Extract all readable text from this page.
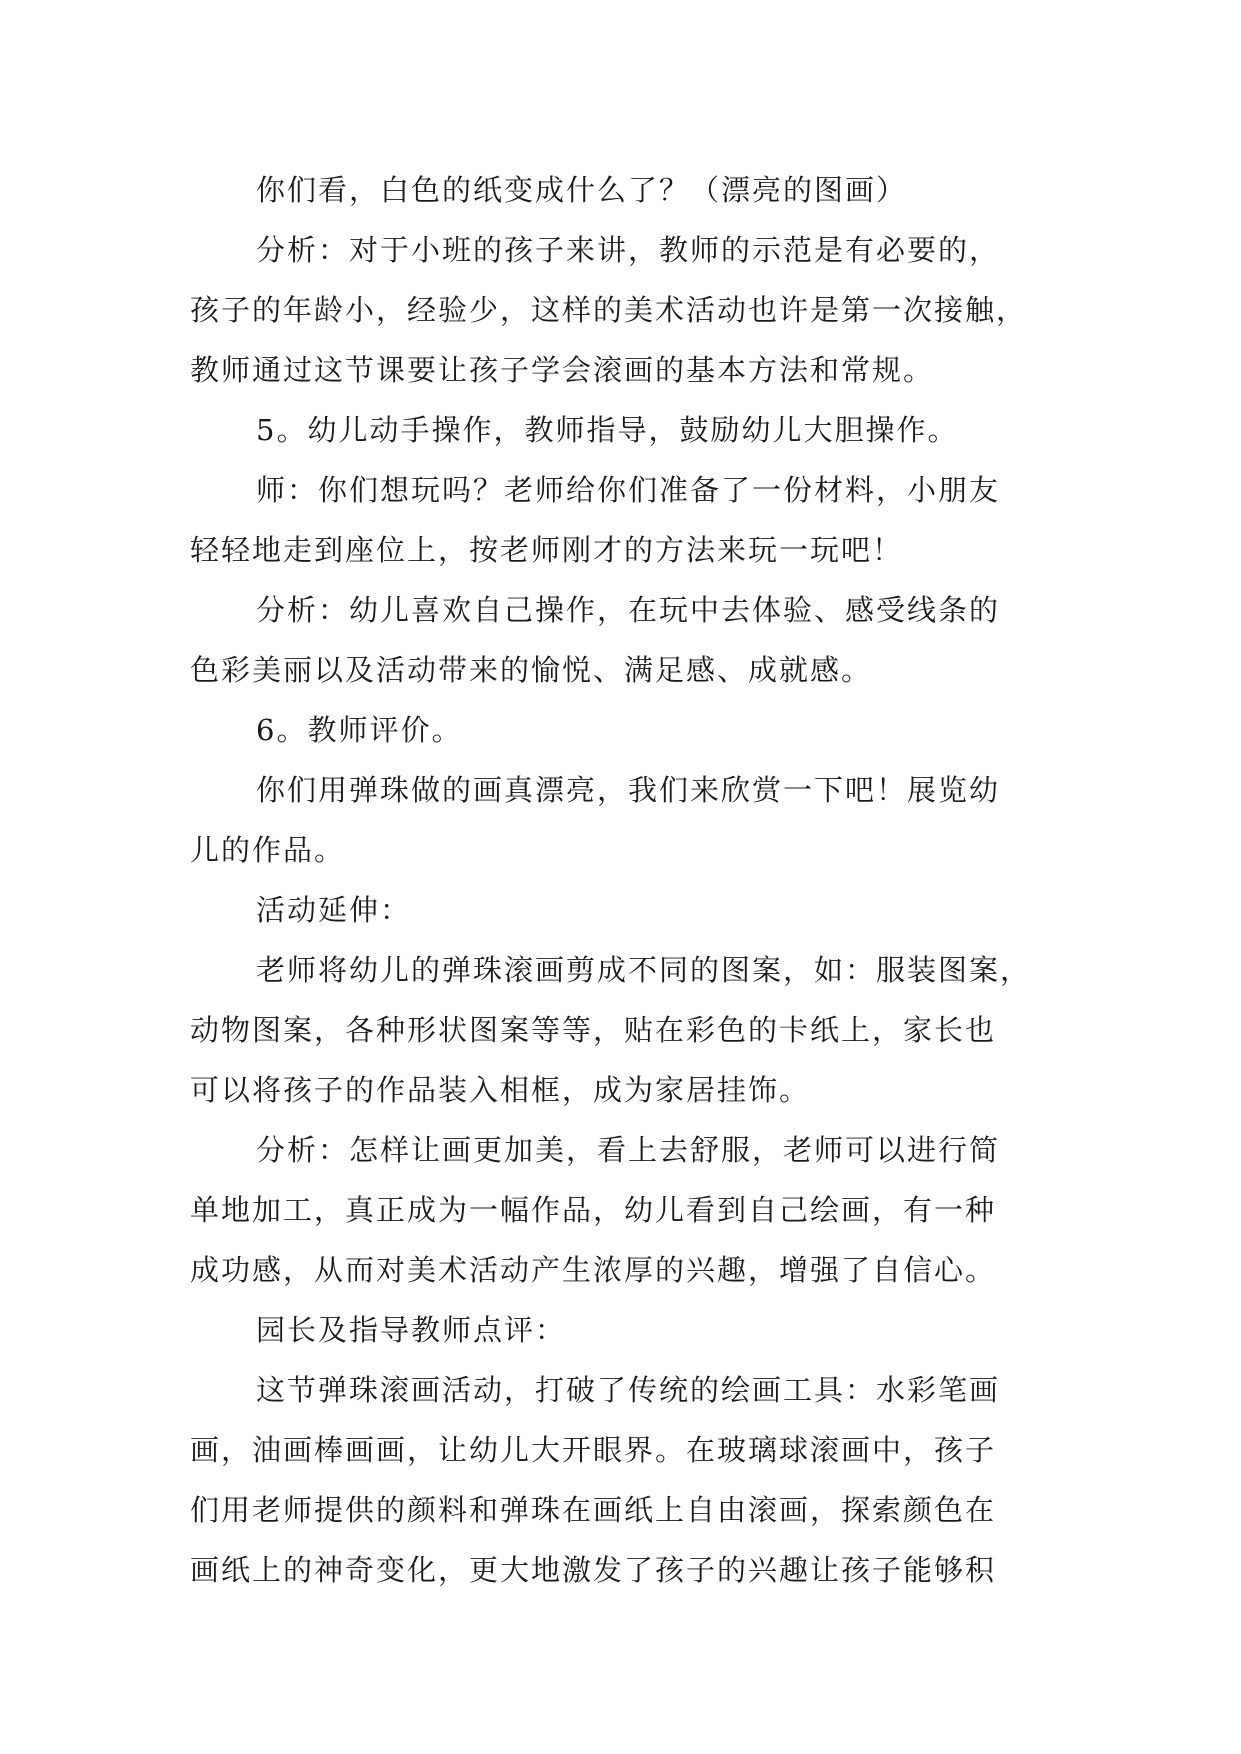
你们看，白色的纸变成什么了？（漂亮的图画）
分析：对于小班的孩子来讲，教师的示范是有必要的，
孩子的年龄小，经验少，这样的美术活动也许是第一次接触，
教师通过这节课要让孩子学会滚画的基本方法和常规。
5。幼儿动手操作，教师指导，鼓励幼儿大胆操作。
师：你们想玩吗？老师给你们准备了一份材料，小朋友
轻轻地走到座位上，按老师刚才的方法来玩一玩吧！
分析：幼儿喜欢自己操作，在玩中去体验、感受线条的
色彩美丽以及活动带来的愉悦、满足感、成就感。
6。教师评价。
你们用弹珠做的画真漂亮，我们来欣赏一下吧！展览幼
儿的作品。
活动延伸：
老师将幼儿的弹珠滚画剪成不同的图案，如：服装图案，
动物图案，各种形状图案等等，贴在彩色的卡纸上，家长也
可以将孩子的作品装入相框，成为家居挂饰。
分析：怎样让画更加美，看上去舒服，老师可以进行简
单地加工，真正成为一幅作品，幼儿看到自己绘画，有一种
成功感，从而对美术活动产生浓厚的兴趣，增强了自信心。
园长及指导教师点评：
这节弹珠滚画活动，打破了传统的绘画工具：水彩笔画
画，油画棒画画，让幼儿大开眼界。在玻璃球滚画中，孩子
们用老师提供的颜料和弹珠在画纸上自由滚画，探索颜色在
画纸上的神奇变化，更大地激发了孩子的兴趣让孩子能够积
